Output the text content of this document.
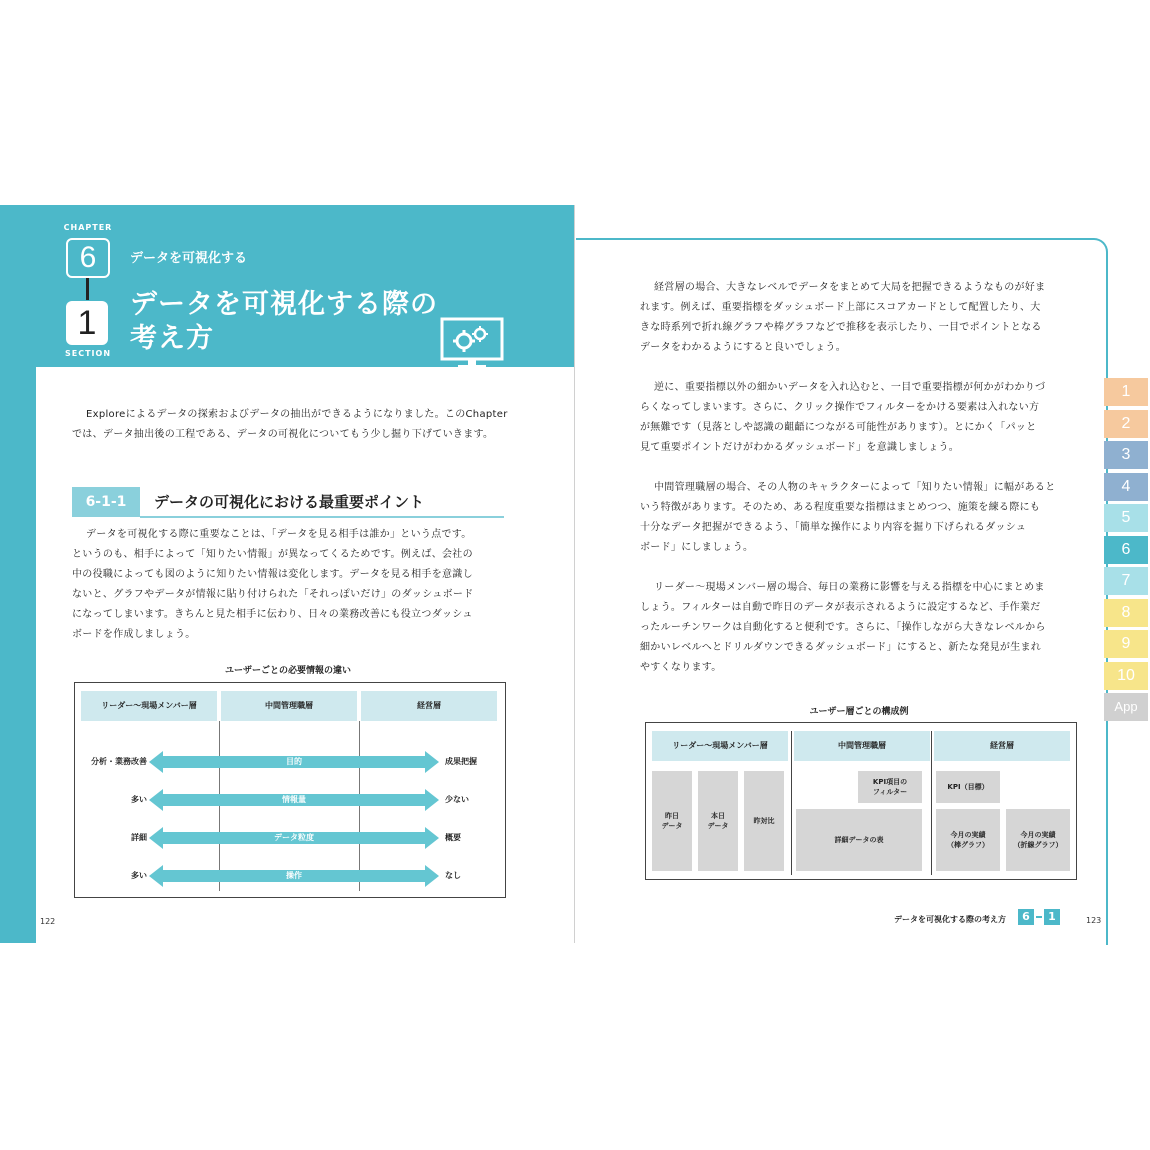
CHAPTER
6
1
SECTION
データを可視化する
データを可視化する際の
考え方
Exploreによるデータの探索およびデータの抽出ができるようになりました。このChapter
では、データ抽出後の工程である、データの可視化についてもう少し掘り下げていきます。
6-1-1	データの可視化における最重要ポイント
データを可視化する際に重要なことは、「データを見る相手は誰か」という点です。
というのも、相手によって「知りたい情報」が異なってくるためです。例えば、会社の
中の役職によっても図のように知りたい情報は変化します。データを見る相手を意識し
ないと、グラフやデータが情報に貼り付けられた「それっぽいだけ」のダッシュボード
になってしまいます。きちんと見た相手に伝わり、日々の業務改善にも役立つダッシュ
ボードを作成しましょう。
ユーザーごとの必要情報の違い
リーダー〜現場メンバー層	中間管理職層	経営層
分析・業務改善	目的	成果把握
多い	情報量	少ない
詳細	データ粒度	概要
多い	操作	なし
122
経営層の場合、大きなレベルでデータをまとめて大局を把握できるようなものが好ま
れます。例えば、重要指標をダッシュボード上部にスコアカードとして配置したり、大
きな時系列で折れ線グラフや棒グラフなどで推移を表示したり、一目でポイントとなる
データをわかるようにすると良いでしょう。
逆に、重要指標以外の細かいデータを入れ込むと、一目で重要指標が何かがわかりづ
らくなってしまいます。さらに、クリック操作でフィルターをかける要素は入れない方
が無難です（見落としや認識の齟齬につながる可能性があります）。とにかく「パッと
見て重要ポイントだけがわかるダッシュボード」を意識しましょう。
中間管理職層の場合、その人物のキャラクターによって「知りたい情報」に幅があると
いう特徴があります。そのため、ある程度重要な指標はまとめつつ、施策を練る際にも
十分なデータ把握ができるよう、「簡単な操作により内容を掘り下げられるダッシュ
ボード」にしましょう。
リーダー〜現場メンバー層の場合、毎日の業務に影響を与える指標を中心にまとめま
しょう。フィルターは自動で昨日のデータが表示されるように設定するなど、手作業だ
ったルーチンワークは自動化すると便利です。さらに、「操作しながら大きなレベルから
細かいレベルへとドリルダウンできるダッシュボード」にすると、新たな発見が生まれ
やすくなります。
ユーザー層ごとの構成例
リーダー〜現場メンバー層	中間管理職層	経営層
昨日
データ
本日
データ
昨対比
KPI項目の
フィルター
詳細データの表
KPI（目標）
今月の実績
（棒グラフ）
今月の実績
（折線グラフ）
データを可視化する際の考え方	6	1	123
1
2
3
4
5
6
7
8
9
10
App
